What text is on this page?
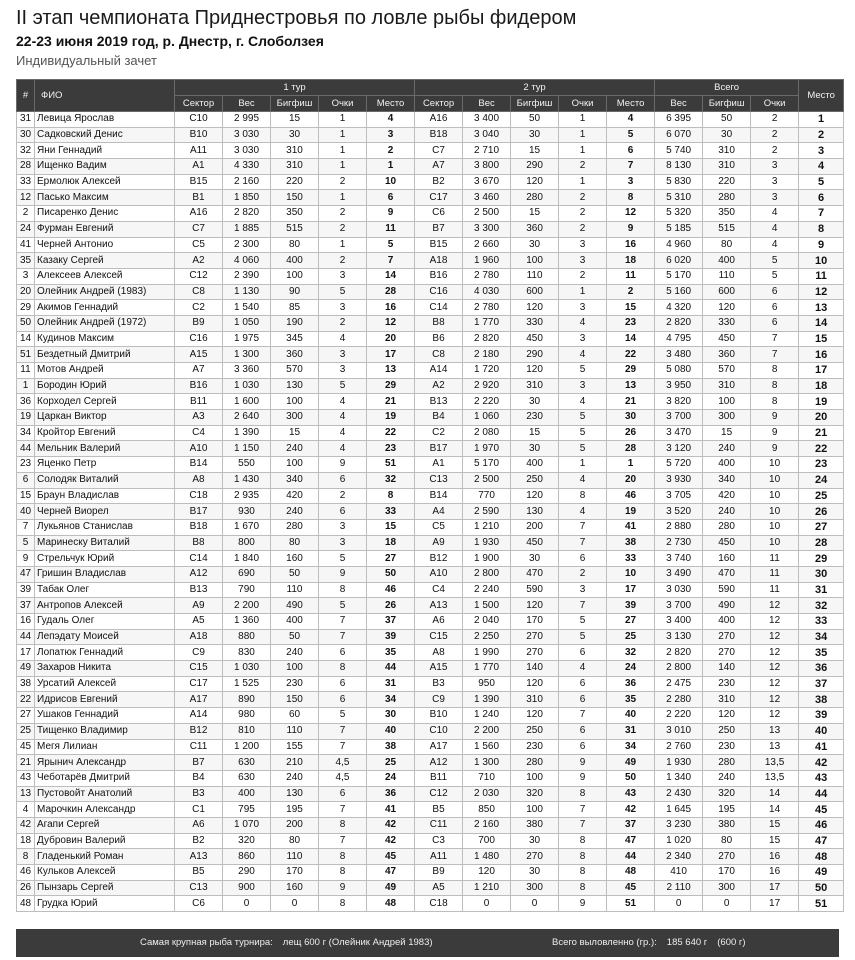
II этап чемпионата Приднестровья по ловле рыбы фидером
22-23 июня 2019 год, р. Днестр, г. Слоболзея
Индивидуальный зачет
#	ФИО	1 тур					2 тур					Всего			Место
		Сектор	Вес	Бигфиш	Очки	Место	Сектор	Вес	Бигфиш	Очки	Место	Вес	Бигфиш	Очки	
31	Левица Ярослав	C10	2 995	15	1	4	A16	3 400	50	1	4	6 395	50	2	1
30	Садковский Денис	B10	3 030	30	1	3	B18	3 040	30	1	5	6 070	30	2	2
32	Яни Геннадий	A11	3 030	310	1	2	C7	2 710	15	1	6	5 740	310	2	3
28	Ищенко Вадим	A1	4 330	310	1	1	A7	3 800	290	2	7	8 130	310	3	4
33	Ермолюк Алексей	B15	2 160	220	2	10	B2	3 670	120	1	3	5 830	220	3	5
12	Пасько Максим	B1	1 850	150	1	6	C17	3 460	280	2	8	5 310	280	3	6
2	Писаренко Денис	A16	2 820	350	2	9	C6	2 500	15	2	12	5 320	350	4	7
24	Фурман Евгений	C7	1 885	515	2	11	B7	3 300	360	2	9	5 185	515	4	8
41	Черней Антонио	C5	2 300	80	1	5	B15	2 660	30	3	16	4 960	80	4	9
35	Казаку Сергей	A2	4 060	400	2	7	A18	1 960	100	3	18	6 020	400	5	10
3	Алексеев Алексей	C12	2 390	100	3	14	B16	2 780	110	2	11	5 170	110	5	11
20	Олейник Андрей (1983)	C8	1 130	90	5	28	C16	4 030	600	1	2	5 160	600	6	12
29	Акимов Геннадий	C2	1 540	85	3	16	C14	2 780	120	3	15	4 320	120	6	13
50	Олейник Андрей (1972)	B9	1 050	190	2	12	B8	1 770	330	4	23	2 820	330	6	14
14	Кудинов Максим	C16	1 975	345	4	20	B6	2 820	450	3	14	4 795	450	7	15
51	Бездетный Дмитрий	A15	1 300	360	3	17	C8	2 180	290	4	22	3 480	360	7	16
11	Мотов Андрей	A7	3 360	570	3	13	A14	1 720	120	5	29	5 080	570	8	17
1	Бородин Юрий	B16	1 030	130	5	29	A2	2 920	310	3	13	3 950	310	8	18
36	Корходел Сергей	B11	1 600	100	4	21	B13	2 220	30	4	21	3 820	100	8	19
19	Царкан Виктор	A3	2 640	300	4	19	B4	1 060	230	5	30	3 700	300	9	20
34	Кройтор Евгений	C4	1 390	15	4	22	C2	2 080	15	5	26	3 470	15	9	21
44	Мельник Валерий	A10	1 150	240	4	23	B17	1 970	30	5	28	3 120	240	9	22
23	Яценко Петр	B14	550	100	9	51	A1	5 170	400	1	1	5 720	400	10	23
6	Солодяк Виталий	A8	1 430	340	6	32	C13	2 500	250	4	20	3 930	340	10	24
15	Браун Владислав	C18	2 935	420	2	8	B14	770	120	8	46	3 705	420	10	25
40	Черней Виорел	B17	930	240	6	33	A4	2 590	130	4	19	3 520	240	10	26
7	Лукьянов Станислав	B18	1 670	280	3	15	C5	1 210	200	7	41	2 880	280	10	27
5	Маринеску Виталий	B8	800	80	3	18	A9	1 930	450	7	38	2 730	450	10	28
9	Стрельчук Юрий	C14	1 840	160	5	27	B12	1 900	30	6	33	3 740	160	11	29
47	Гришин Владислав	A12	690	50	9	50	A10	2 800	470	2	10	3 490	470	11	30
39	Табак Олег	B13	790	110	8	46	C4	2 240	590	3	17	3 030	590	11	31
37	Антропов Алексей	A9	2 200	490	5	26	A13	1 500	120	7	39	3 700	490	12	32
16	Гудаль Олег	A5	1 360	400	7	37	A6	2 040	170	5	27	3 400	400	12	33
44	Лепэдату Моисей	A18	880	50	7	39	C15	2 250	270	5	25	3 130	270	12	34
17	Лопатюк Геннадий	C9	830	240	6	35	A8	1 990	270	6	32	2 820	270	12	35
49	Захаров Никита	C15	1 030	100	8	44	A15	1 770	140	4	24	2 800	140	12	36
38	Урсатий Алексей	C17	1 525	230	6	31	B3	950	120	6	36	2 475	230	12	37
22	Идрисов Евгений	A17	890	150	6	34	C9	1 390	310	6	35	2 280	310	12	38
27	Ушаков Геннадий	A14	980	60	5	30	B10	1 240	120	7	40	2 220	120	12	39
25	Тищенко Владимир	B12	810	110	7	40	C10	2 200	250	6	31	3 010	250	13	40
45	Мегя Лилиан	C11	1 200	155	7	38	A17	1 560	230	6	34	2 760	230	13	41
21	Ярынич Александр	B7	630	210	4,5	25	A12	1 300	280	9	49	1 930	280	13,5	42
43	Чеботарёв Дмитрий	B4	630	240	4,5	24	B11	710	100	9	50	1 340	240	13,5	43
13	Пустовойт Анатолий	B3	400	130	6	36	C12	2 030	320	8	43	2 430	320	14	44
4	Марочкин Александр	C1	795	195	7	41	B5	850	100	7	42	1 645	195	14	45
42	Агапи Сергей	A6	1 070	200	8	42	C11	2 160	380	7	37	3 230	380	15	46
18	Дубровин Валерий	B2	320	80	7	42	C3	700	30	8	47	1 020	80	15	47
8	Гладенький Роман	A13	860	110	8	45	A11	1 480	270	8	44	2 340	270	16	48
46	Кульков Алексей	B5	290	170	8	47	B9	120	30	8	48	410	170	16	49
26	Пынзарь Сергей	C13	900	160	9	49	A5	1 210	300	8	45	2 110	300	17	50
48	Грудка Юрий	C6	0	0	8	48	C18	0	0	9	51	0	0	17	51
Самая крупная рыба турнира: лещ 600 г (Олейник Андрей 1983)	Всего выловленно (гр.): 185 640 г (600 г)
